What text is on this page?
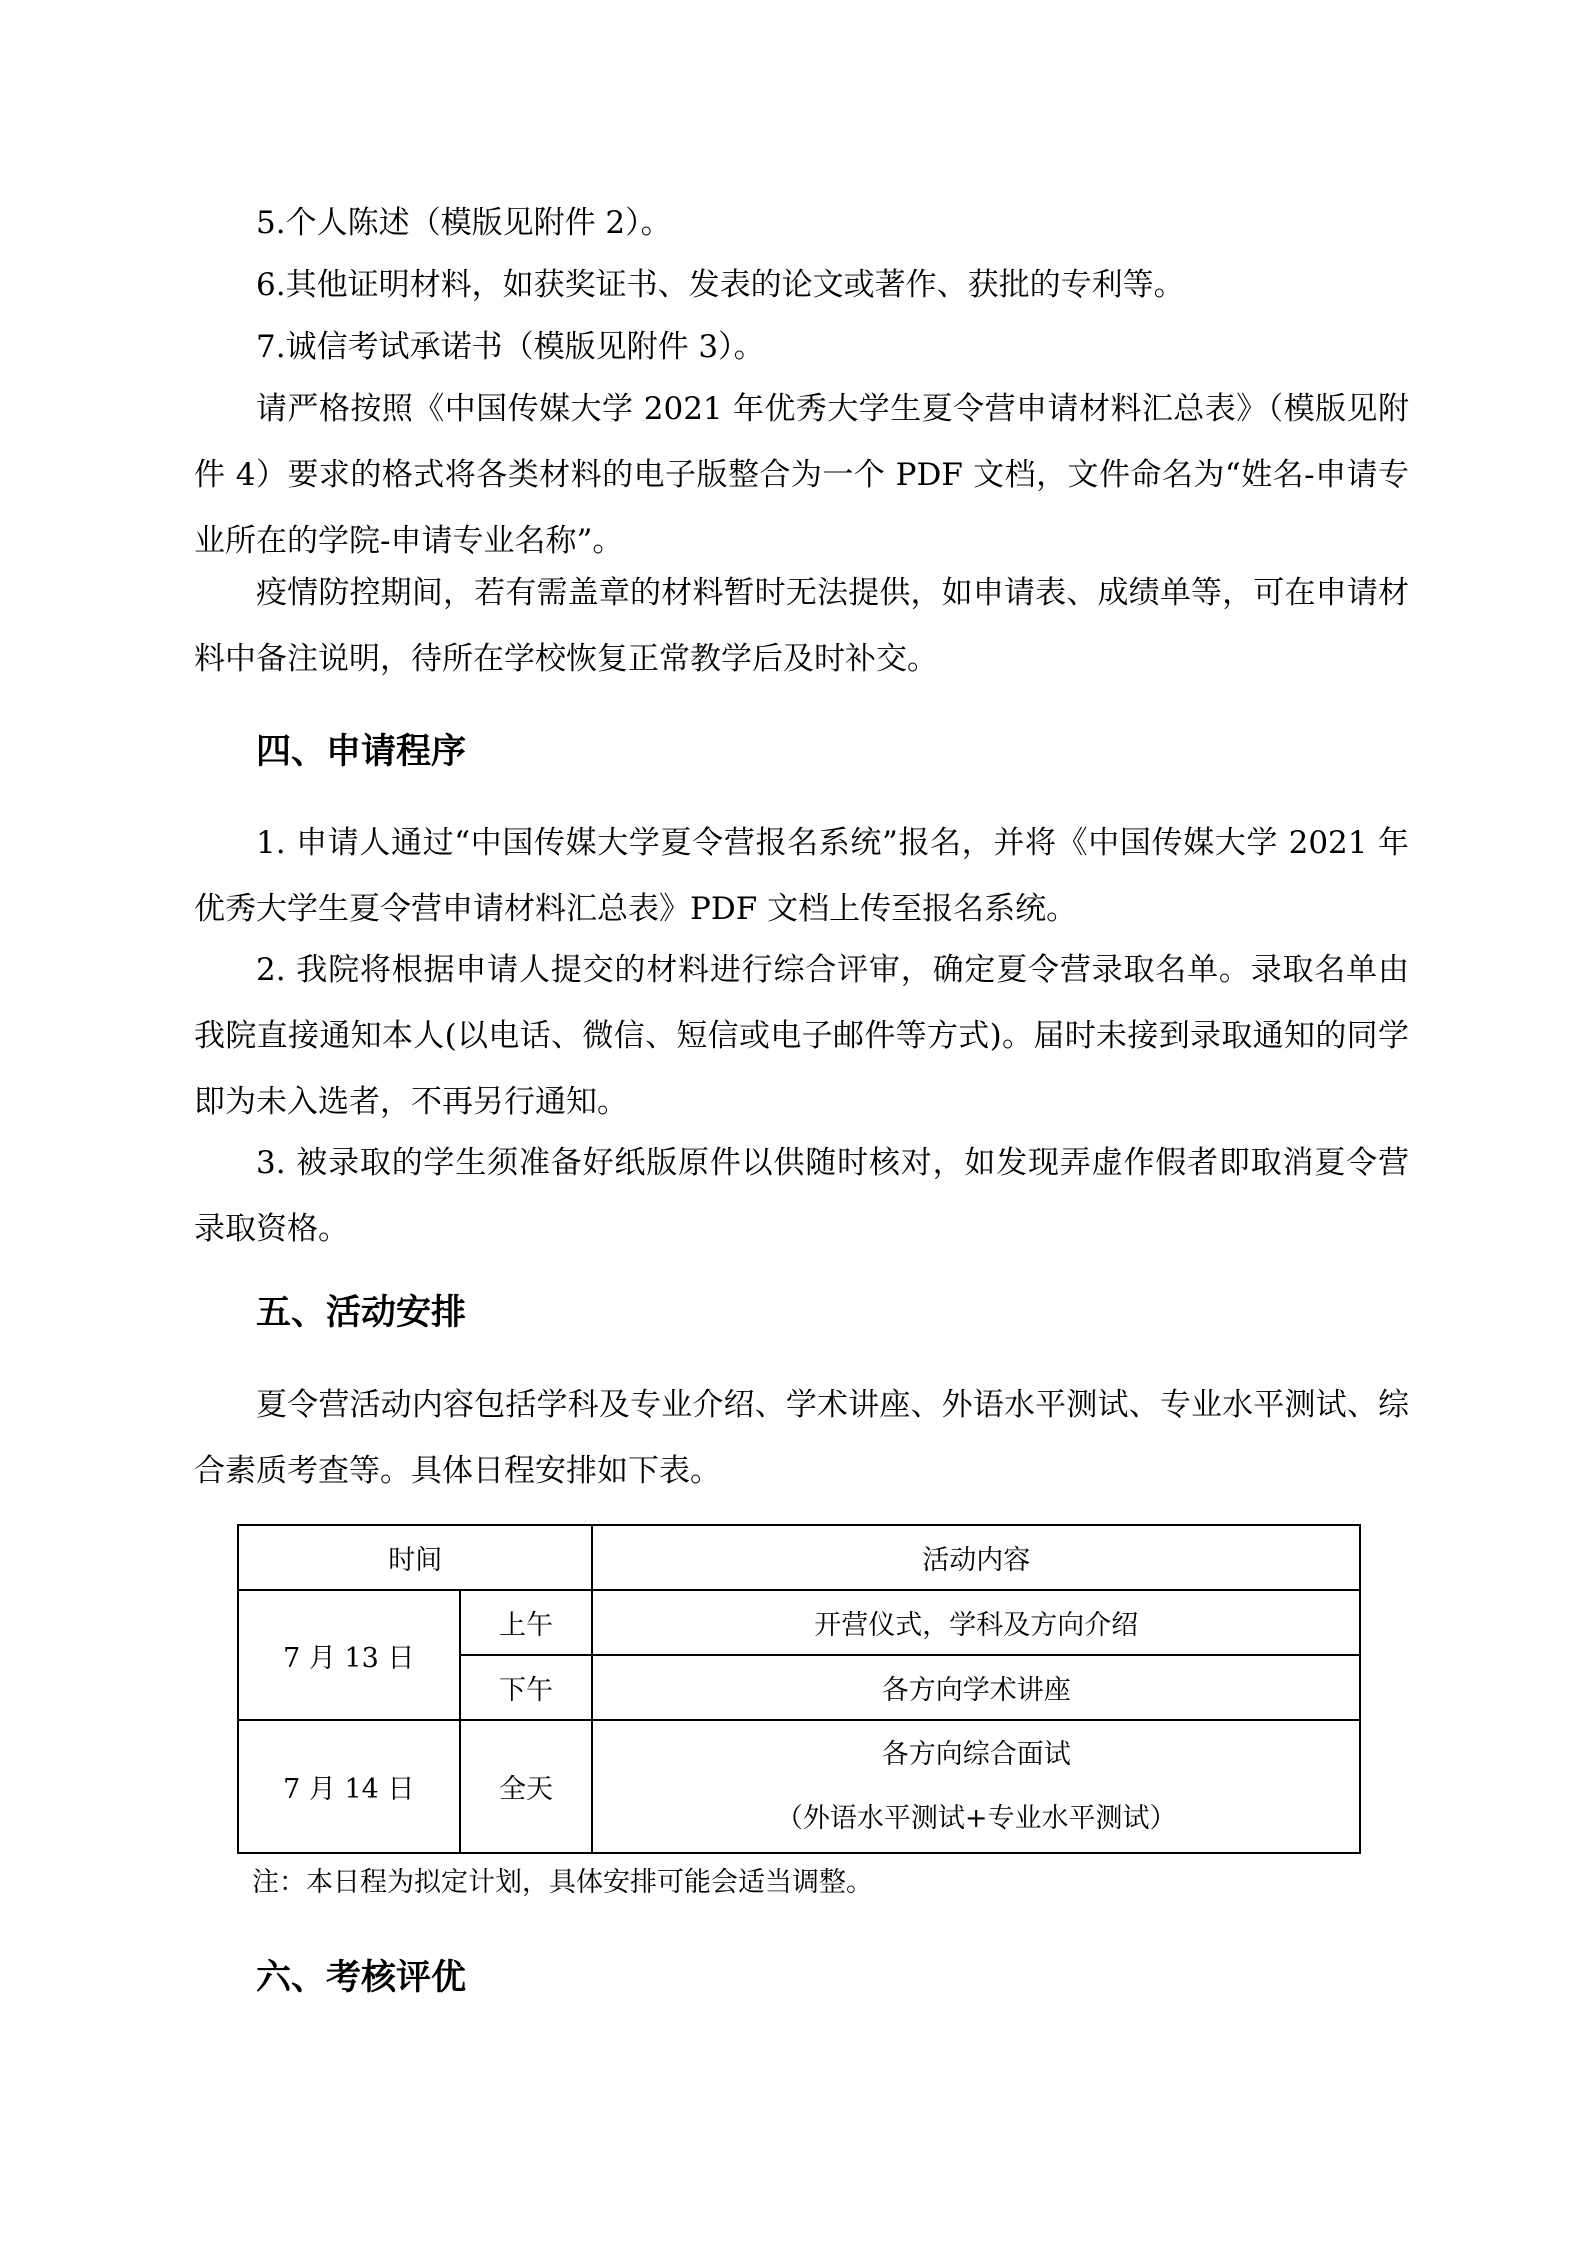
5.个人陈述（模版见附件 2）。

6.其他证明材料，如获奖证书、发表的论文或著作、获批的专利等。

7.诚信考试承诺书（模版见附件 3）。

请严格按照《中国传媒大学 2021 年优秀大学生夏令营申请材料汇总表》（模版见附件 4）要求的格式将各类材料的电子版整合为一个 PDF 文档，文件命名为“姓名-申请专业所在的学院-申请专业名称”。

疫情防控期间，若有需盖章的材料暂时无法提供，如申请表、成绩单等，可在申请材料中备注说明，待所在学校恢复正常教学后及时补交。

四、申请程序

1. 申请人通过“中国传媒大学夏令营报名系统”报名，并将《中国传媒大学 2021 年优秀大学生夏令营申请材料汇总表》PDF 文档上传至报名系统。

2. 我院将根据申请人提交的材料进行综合评审，确定夏令营录取名单。录取名单由我院直接通知本人(以电话、微信、短信或电子邮件等方式)。届时未接到录取通知的同学即为未入选者，不再另行通知。

3. 被录取的学生须准备好纸版原件以供随时核对，如发现弄虚作假者即取消夏令营录取资格。

五、活动安排

夏令营活动内容包括学科及专业介绍、学术讲座、外语水平测试、专业水平测试、综合素质考查等。具体日程安排如下表。

时间		活动内容
7 月 13 日	上午	开营仪式，学科及方向介绍
	下午	各方向学术讲座
7 月 14 日	全天	各方向综合面试
（外语水平测试+专业水平测试）

注：本日程为拟定计划，具体安排可能会适当调整。

六、考核评优
